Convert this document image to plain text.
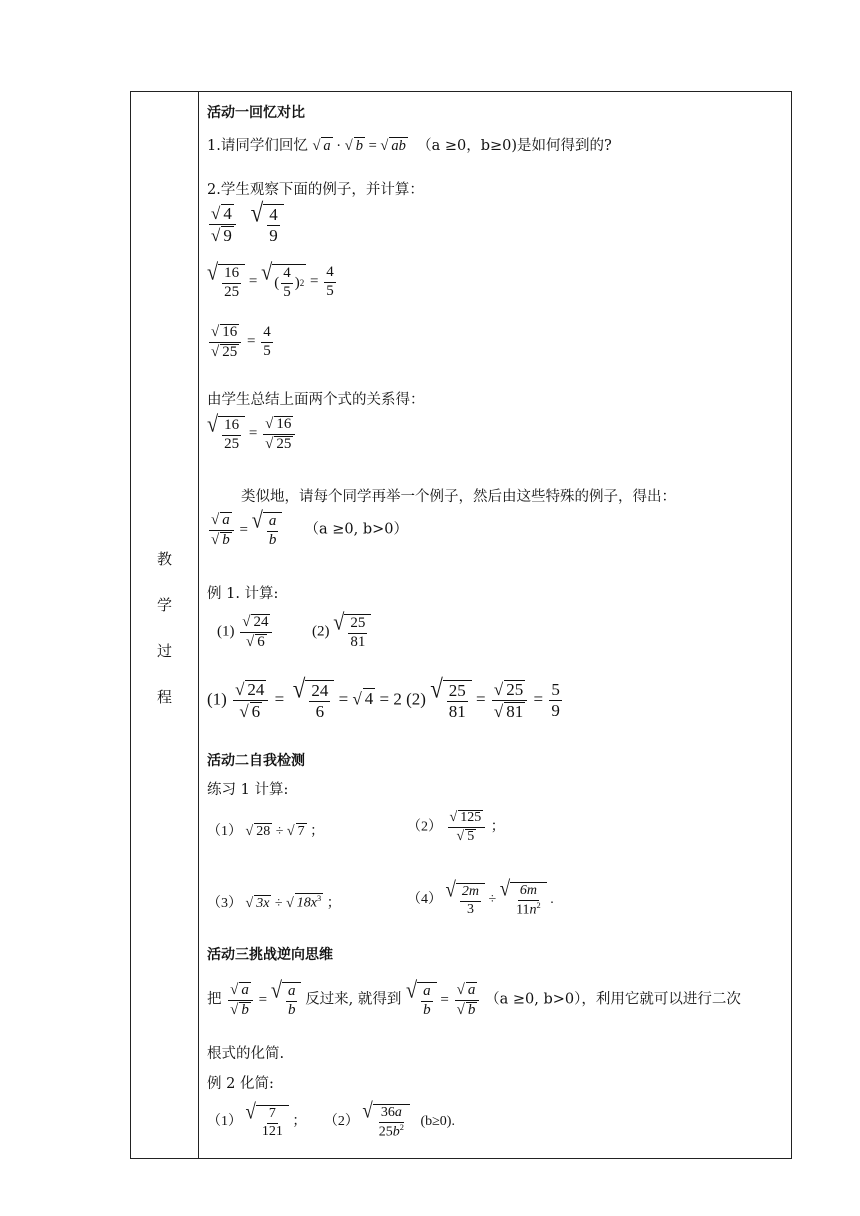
教
学
过
程
活动一回忆对比
1.请同学们回忆 √ a · √ b = √ ab （a ≥0，b≥0)是如何得到的?
2.学生观察下面的例子，并计算：
$\frac{√ 4}{√ 9}$
√ $\frac{4}{9}$
√ $\frac{16}{25}$ = √ ( $\frac{4}{5}$ ) $2 = \frac{4}{5}$
$\frac{√ 16}{√ 25} = \frac{4}{5}$
由学生总结上面两个式的关系得：
√ $\frac{16}{25} = \frac{√ 16}{√ 25}$
类似地，请每个同学再举一个例子，然后由这些特殊的例子，得出：
$\frac{√ a}{√ b}$ = √ $\frac{a}{b} (a \ge 0$, b>0）
例 1. 计算:
$(1) \frac{√ 24}{√ 6}$	(2) √ $\frac{25}{81}$
$(1) \frac{√ 24}{√ 6}$ = √ $\frac{24}{6}$ = √ 4 = 2 (2) √ $\frac{25}{81} = \frac{√ 25}{√ 81} = \frac{5}{9}$
活动二自我检测
练习 1 计算:
（1） √ 28 ÷ √ 7 ；	$(2) \frac{√ 125}{√ 5}$ ；
（3） √ 3x ÷ √ $18x^3$ ；	（4） √ $\frac{2m}{3}$ ÷ √ $\frac{6m}{11n^2}$ .
活动三挑战逆向思维
把 $\frac{√ a}{√ b}$ = √ $\frac{a}{b}$ 反过来, 就得到 √ $\frac{a}{b} = \frac{√ a}{√ b} (a \ge 0$, b>0），利用它就可以进行二次
根式的化简.
例 2 化简:
（1） √ $\frac{7}{121}$ ；     （2） √ $\frac{36a}{25b^2} (b\ge 0)$.
